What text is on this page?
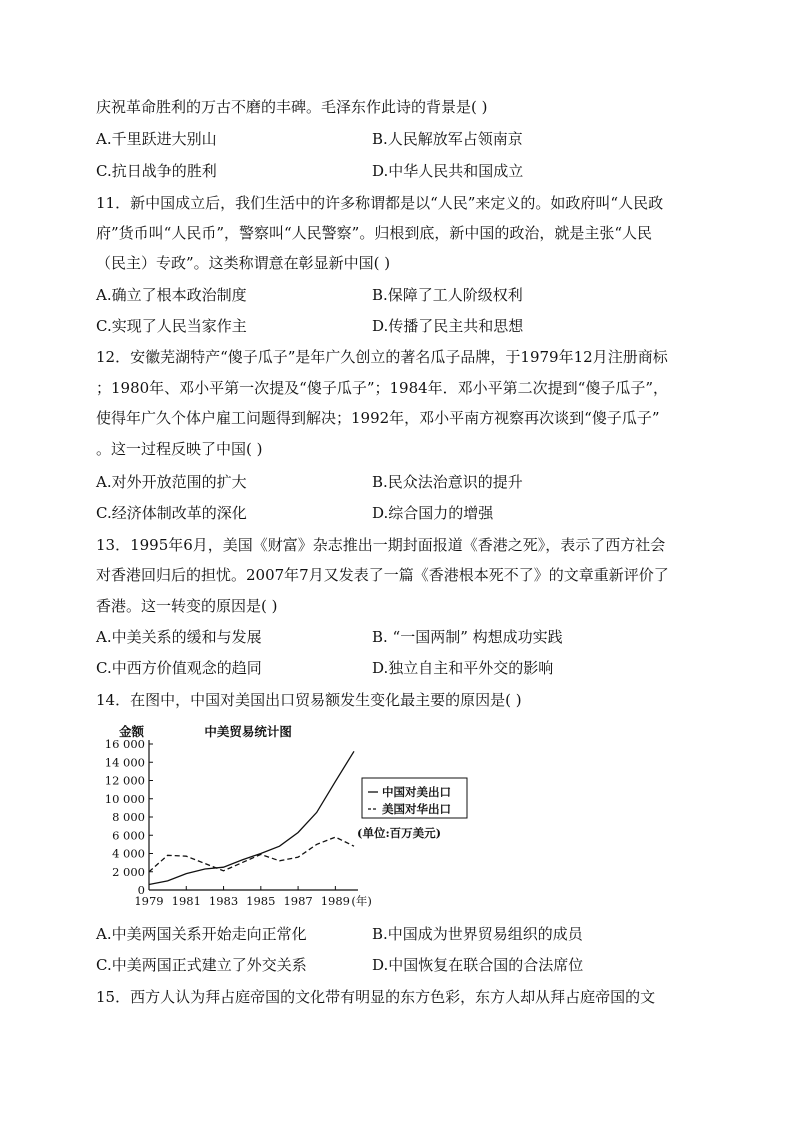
庆祝革命胜利的万古不磨的丰碑。毛泽东作此诗的背景是( )
A.千里跃进大别山	B.人民解放军占领南京
C.抗日战争的胜利	D.中华人民共和国成立
11．新中国成立后，我们生活中的许多称谓都是以“人民”来定义的。如政府叫“人民政
府”货币叫“人民币”，警察叫“人民警察”。归根到底，新中国的政治，就是主张“人民
（民主）专政”。这类称谓意在彰显新中国( )
A.确立了根本政治制度	B.保障了工人阶级权利
C.实现了人民当家作主	D.传播了民主共和思想
12．安徽芜湖特产“傻子瓜子”是年广久创立的著名瓜子品牌，于1979年12月注册商标
；1980年、邓小平第一次提及“傻子瓜子”；1984年．邓小平第二次提到“傻子瓜子”，
使得年广久个体户雇工问题得到解决；1992年，邓小平南方视察再次谈到“傻子瓜子”
。这一过程反映了中国( )
A.对外开放范围的扩大	B.民众法治意识的提升
C.经济体制改革的深化	D.综合国力的增强
13．1995年6月，美国《财富》杂志推出一期封面报道《香港之死》，表示了西方社会
对香港回归后的担忧。2007年7月又发表了一篇《香港根本死不了》的文章重新评价了
香港。这一转变的原因是( )
A.中美关系的缓和与发展	B. “一国两制” 构想成功实践
C.中西方价值观念的趋同	D.独立自主和平外交的影响
14．在图中，中国对美国出口贸易额发生变化最主要的原因是( )
0
2 000
4 000
6 000
8 000
10 000
12 000
14 000
16 000
1979 1981 1983 1985 1987 1989 (年)
金额	中美贸易统计图
中国对美出口
美国对华出口
(单位:百万美元)
A.中美两国关系开始走向正常化	B.中国成为世界贸易组织的成员
C.中美两国正式建立了外交关系	D.中国恢复在联合国的合法席位
15．西方人认为拜占庭帝国的文化带有明显的东方色彩，东方人却从拜占庭帝国的文
